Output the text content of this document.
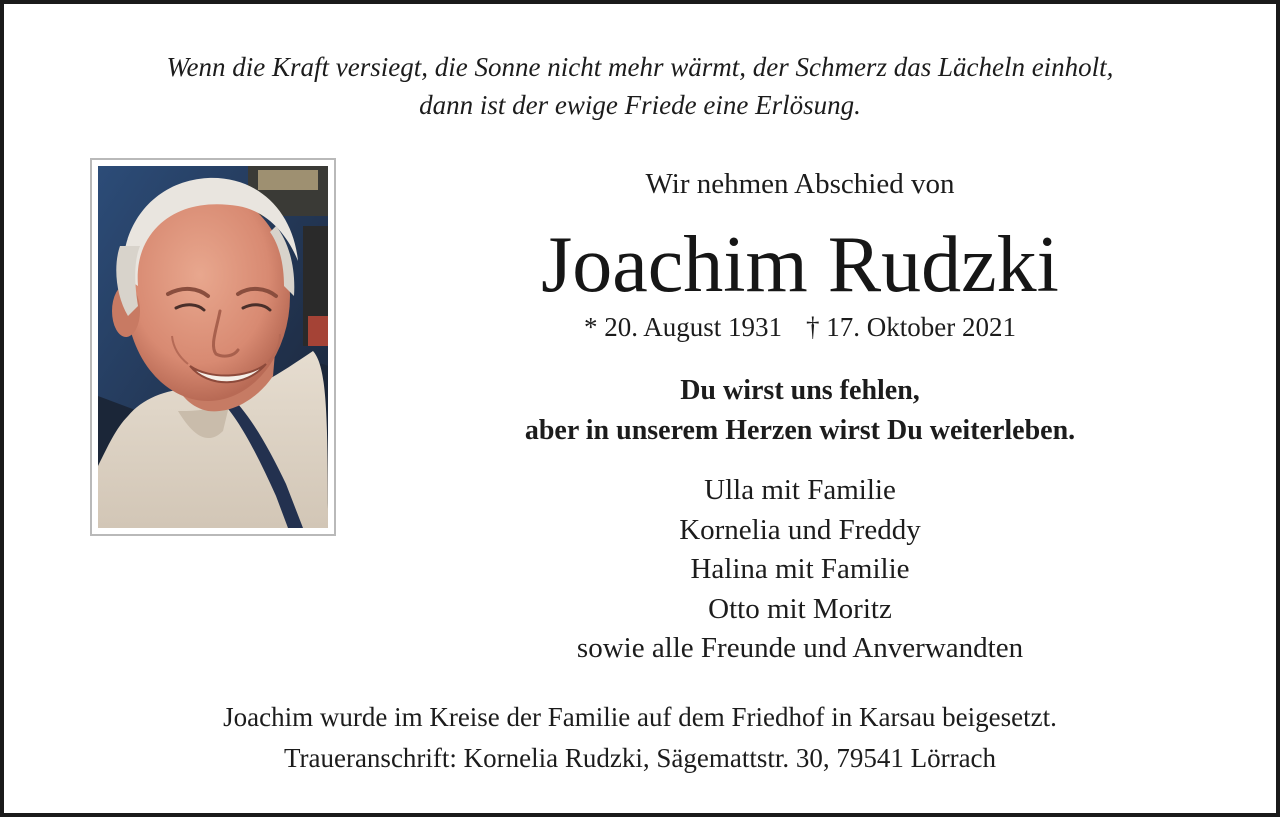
Wenn die Kraft versiegt, die Sonne nicht mehr wärmt, der Schmerz das Lächeln einholt,
dann ist der ewige Friede eine Erlösung.
Wir nehmen Abschied von
Joachim Rudzki
* 20. August 1931 † 17. Oktober 2021
Du wirst uns fehlen,
aber in unserem Herzen wirst Du weiterleben.
Ulla mit Familie
Kornelia und Freddy
Halina mit Familie
Otto mit Moritz
sowie alle Freunde und Anverwandten
Joachim wurde im Kreise der Familie auf dem Friedhof in Karsau beigesetzt.
Traueranschrift: Kornelia Rudzki, Sägemattstr. 30, 79541 Lörrach
